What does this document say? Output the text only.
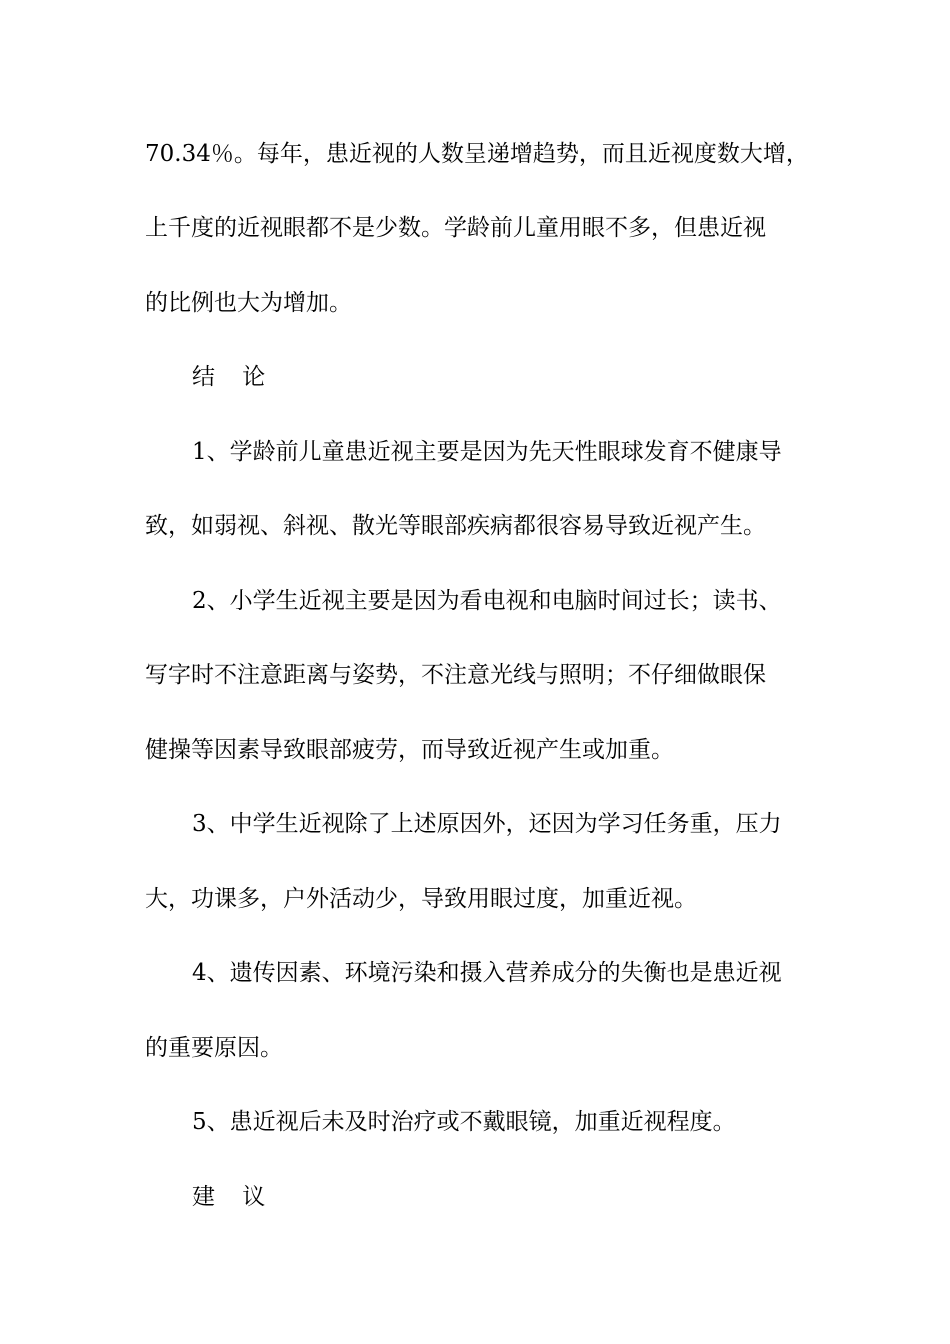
70.34％。每年，患近视的人数呈递增趋势，而且近视度数大增，
上千度的近视眼都不是少数。学龄前儿童用眼不多，但患近视
的比例也大为增加。
结 论
1、学龄前儿童患近视主要是因为先天性眼球发育不健康导
致，如弱视、斜视、散光等眼部疾病都很容易导致近视产生。
2、小学生近视主要是因为看电视和电脑时间过长；读书、
写字时不注意距离与姿势，不注意光线与照明；不仔细做眼保
健操等因素导致眼部疲劳，而导致近视产生或加重。
3、中学生近视除了上述原因外，还因为学习任务重，压力
大，功课多，户外活动少，导致用眼过度，加重近视。
4、遗传因素、环境污染和摄入营养成分的失衡也是患近视
的重要原因。
5、患近视后未及时治疗或不戴眼镜，加重近视程度。
建 议
